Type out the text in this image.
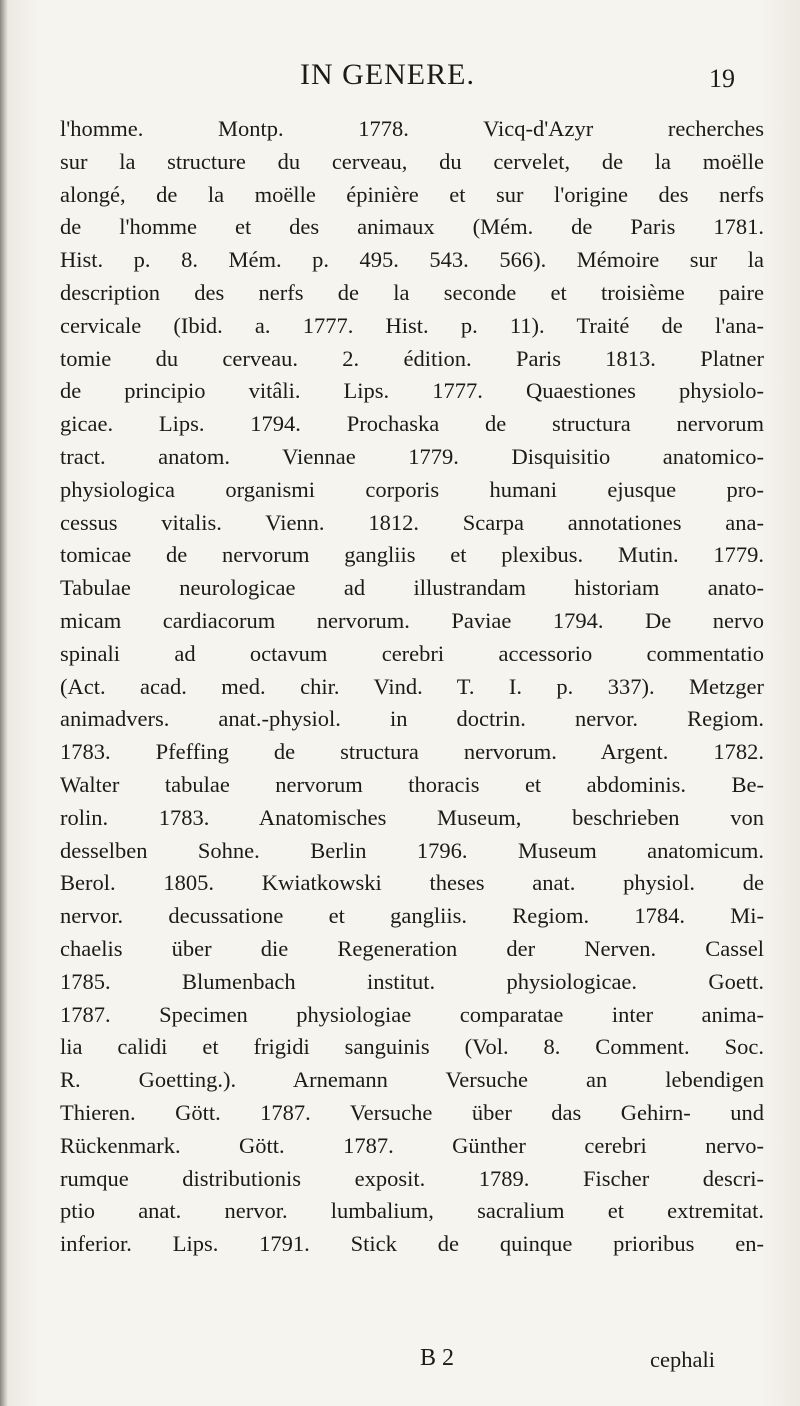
IN GENERE.	19
l'homme. Montp. 1778. Vicq-d'Azyr recherches
sur la structure du cerveau, du cervelet, de la moëlle
alongé, de la moëlle épinière et sur l'origine des nerfs
de l'homme et des animaux (Mém. de Paris 1781.
Hist. p. 8. Mém. p. 495. 543. 566). Mémoire sur la
description des nerfs de la seconde et troisième paire
cervicale (Ibid. a. 1777. Hist. p. 11). Traité de l'ana-
tomie du cerveau. 2. édition. Paris 1813. Platner
de principio vitâli. Lips. 1777. Quaestiones physiolo-
gicae. Lips. 1794. Prochaska de structura nervorum
tract. anatom. Viennae 1779. Disquisitio anatomico-
physiologica organismi corporis humani ejusque pro-
cessus vitalis. Vienn. 1812. Scarpa annotationes ana-
tomicae de nervorum gangliis et plexibus. Mutin. 1779.
Tabulae neurologicae ad illustrandam historiam anato-
micam cardiacorum nervorum. Paviae 1794. De nervo
spinali ad octavum cerebri accessorio commentatio
(Act. acad. med. chir. Vind. T. I. p. 337). Metzger
animadvers. anat.-physiol. in doctrin. nervor. Regiom.
1783. Pfeffing de structura nervorum. Argent. 1782.
Walter tabulae nervorum thoracis et abdominis. Be-
rolin. 1783. Anatomisches Museum, beschrieben von
desselben Sohne. Berlin 1796. Museum anatomicum.
Berol. 1805. Kwiatkowski theses anat. physiol. de
nervor. decussatione et gangliis. Regiom. 1784. Mi-
chaelis über die Regeneration der Nerven. Cassel
1785. Blumenbach institut. physiologicae. Goett.
1787. Specimen physiologiae comparatae inter anima-
lia calidi et frigidi sanguinis (Vol. 8. Comment. Soc.
R. Goetting.). Arnemann Versuche an lebendigen
Thieren. Gött. 1787. Versuche über das Gehirn- und
Rückenmark. Gött. 1787. Günther cerebri nervo-
rumque distributionis exposit. 1789. Fischer descri-
ptio anat. nervor. lumbalium, sacralium et extremitat.
inferior. Lips. 1791. Stick de quinque prioribus en-
B 2	cephali
